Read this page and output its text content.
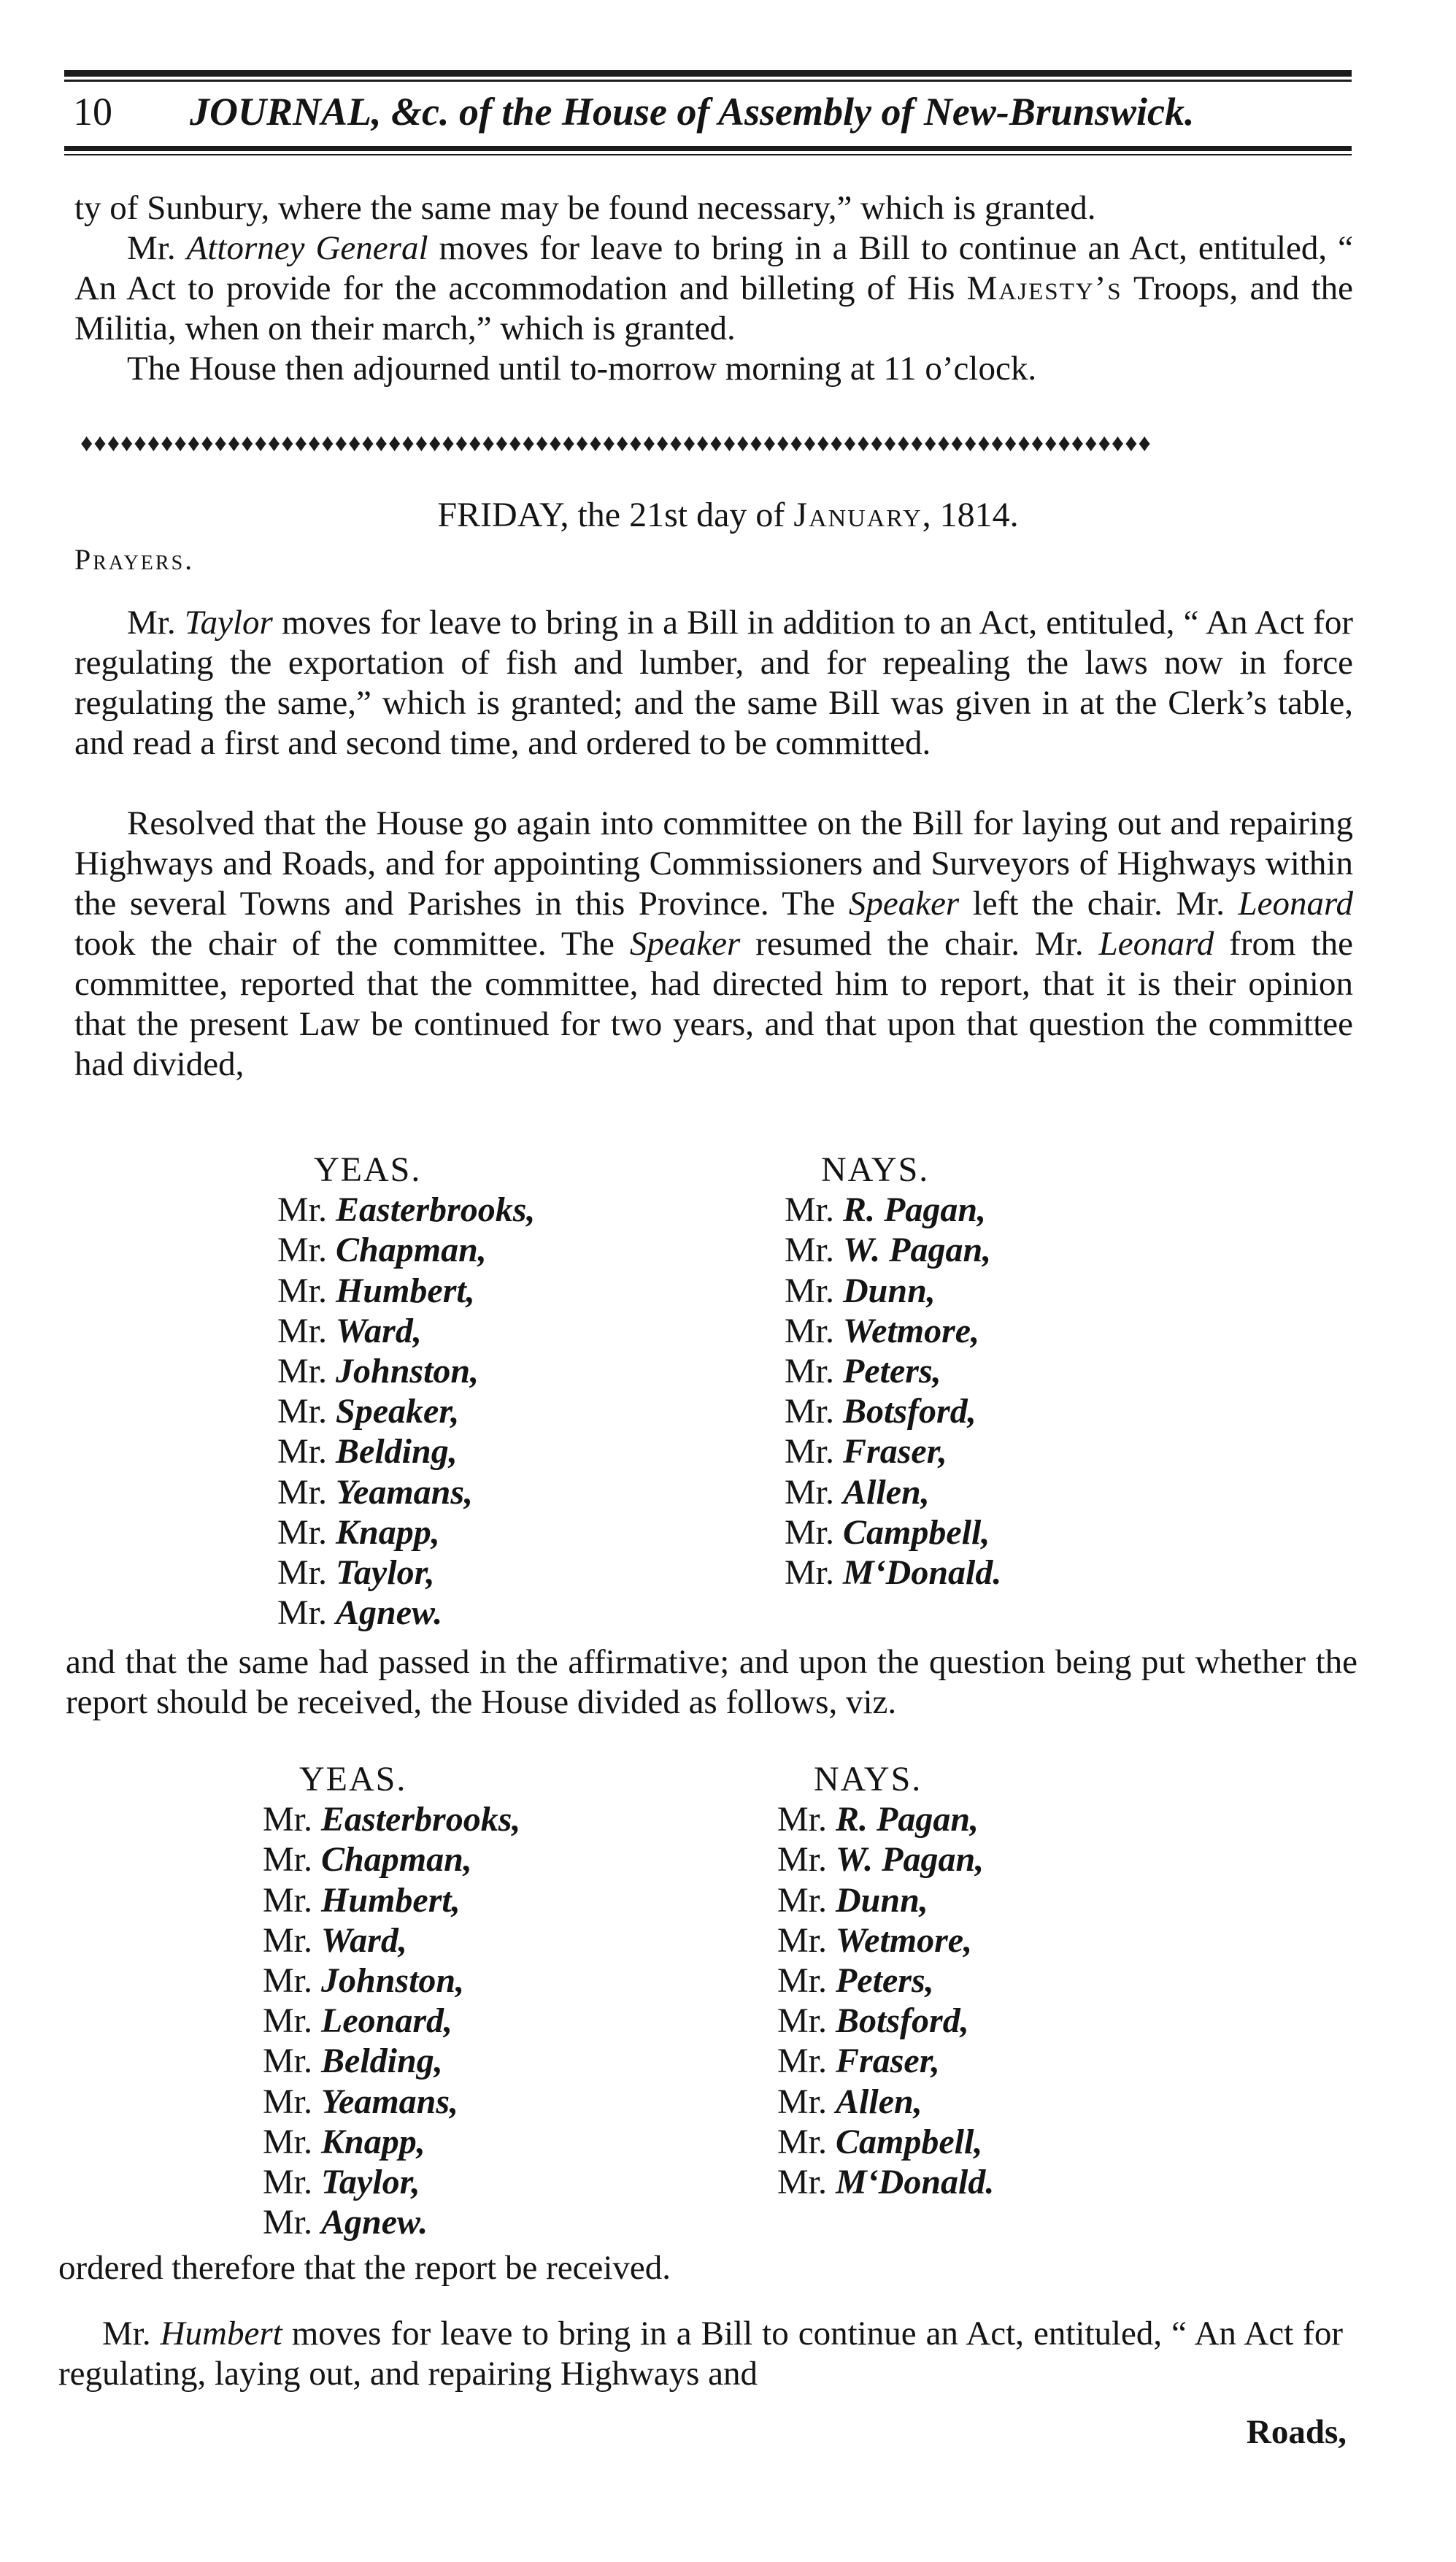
10 JOURNAL, &c. of the House of Assembly of New-Brunswick.
ty of Sunbury, where the same may be found necessary,” which is granted.
Mr. Attorney General moves for leave to bring in a Bill to continue an Act, entituled, “ An Act to provide for the accommodation and billeting of His Majesty’s Troops, and the Militia, when on their march,” which is granted.
The House then adjourned until to-morrow morning at 11 o’clock.
♦♦♦♦♦♦♦♦♦♦♦♦♦♦♦♦♦♦♦♦♦♦♦♦♦♦♦♦♦♦♦♦♦♦♦♦♦♦♦♦♦♦♦♦♦♦♦♦♦♦♦♦♦♦♦♦♦♦♦♦♦♦♦♦♦♦♦♦♦♦♦♦♦♦♦♦♦♦♦♦
FRIDAY, the 21st day of January, 1814.
Prayers.
Mr. Taylor moves for leave to bring in a Bill in addition to an Act, entituled, “ An Act for regulating the exportation of fish and lumber, and for repealing the laws now in force regulating the same,” which is granted; and the same Bill was given in at the Clerk’s table, and read a first and second time, and ordered to be committed.
Resolved that the House go again into committee on the Bill for laying out and repairing Highways and Roads, and for appointing Commissioners and Surveyors of Highways within the several Towns and Parishes in this Province. The Speaker left the chair. Mr. Leonard took the chair of the committee. The Speaker resumed the chair. Mr. Leonard from the committee, reported that the committee, had directed him to report, that it is their opinion that the present Law be continued for two years, and that upon that question the committee had divided,
YEAS.
Mr. Easterbrooks,
Mr. Chapman,
Mr. Humbert,
Mr. Ward,
Mr. Johnston,
Mr. Speaker,
Mr. Belding,
Mr. Yeamans,
Mr. Knapp,
Mr. Taylor,
Mr. Agnew.
NAYS.
Mr. R. Pagan,
Mr. W. Pagan,
Mr. Dunn,
Mr. Wetmore,
Mr. Peters,
Mr. Botsford,
Mr. Fraser,
Mr. Allen,
Mr. Campbell,
Mr. M‘Donald.
and that the same had passed in the affirmative; and upon the question being put whether the report should be received, the House divided as follows, viz.
YEAS.
Mr. Easterbrooks,
Mr. Chapman,
Mr. Humbert,
Mr. Ward,
Mr. Johnston,
Mr. Leonard,
Mr. Belding,
Mr. Yeamans,
Mr. Knapp,
Mr. Taylor,
Mr. Agnew.
NAYS.
Mr. R. Pagan,
Mr. W. Pagan,
Mr. Dunn,
Mr. Wetmore,
Mr. Peters,
Mr. Botsford,
Mr. Fraser,
Mr. Allen,
Mr. Campbell,
Mr. M‘Donald.
ordered therefore that the report be received.
Mr. Humbert moves for leave to bring in a Bill to continue an Act, entituled, “ An Act for regulating, laying out, and repairing Highways and
Roads,
